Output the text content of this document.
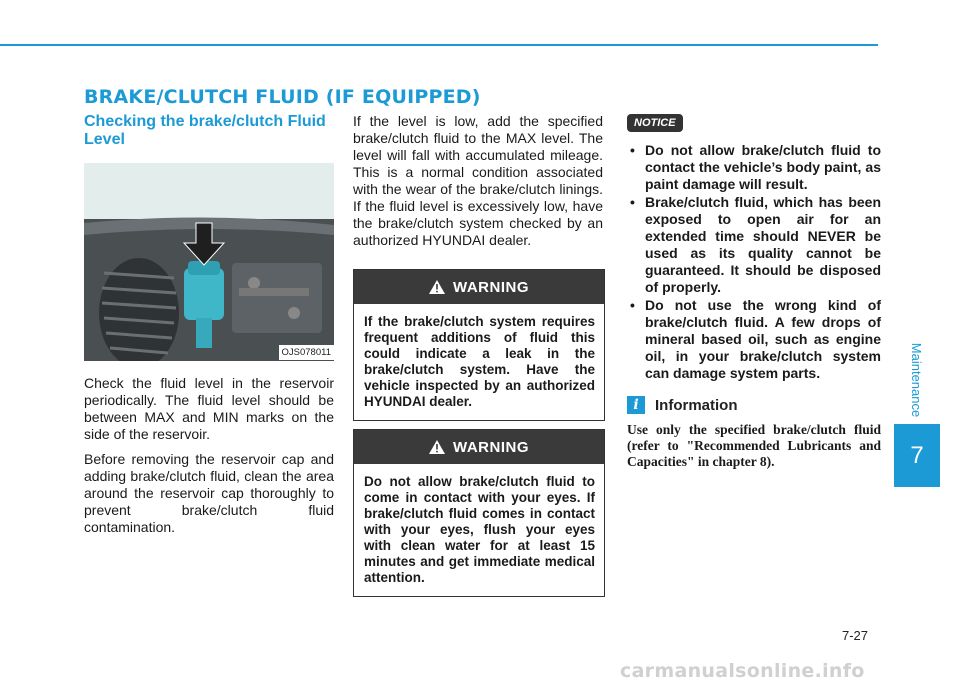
BRAKE/CLUTCH FLUID (IF EQUIPPED)
Maintenance
7
Checking the brake/clutch Fluid Level
OJS078011

Check the fluid level in the reservoir periodically. The fluid level should be between MAX and MIN marks on the side of the reservoir.

Before removing the reservoir cap and adding brake/clutch fluid, clean the area around the reservoir cap thoroughly to prevent brake/clutch fluid contamination.

If the level is low, add the specified brake/clutch fluid to the MAX level. The level will fall with accumulated mileage. This is a normal condition associated with the wear of the brake/clutch linings. If the fluid level is excessively low, have the brake/clutch system checked by an authorized HYUNDAI dealer.

WARNING
If the brake/clutch system requires frequent additions of fluid this could indicate a leak in the brake/clutch system. Have the vehicle inspected by an authorized HYUNDAI dealer.
WARNING
Do not allow brake/clutch fluid to come in contact with your eyes. If brake/clutch fluid comes in contact with your eyes, flush your eyes with clean water for at least 15 minutes and get immediate medical attention.
NOTICE
• Do not allow brake/clutch fluid to contact the vehicle’s body paint, as paint damage will result.
• Brake/clutch fluid, which has been exposed to open air for an extended time should NEVER be used as its quality cannot be guaranteed. It should be disposed of properly.
• Do not use the wrong kind of brake/clutch fluid. A few drops of mineral based oil, such as engine oil, in your brake/clutch system can damage system parts.
i	Information

Use only the specified brake/clutch fluid (refer to "Recommended Lubricants and Capacities" in chapter 8).

7-27
carmanualsonline.info
